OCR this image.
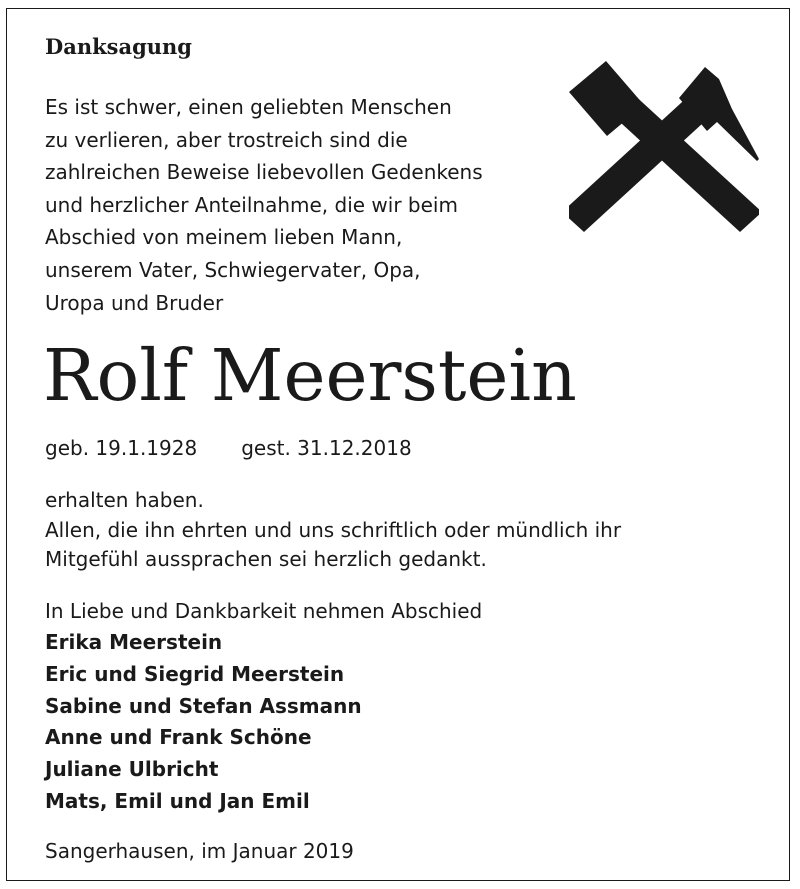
Danksagung
Es ist schwer, einen geliebten Menschen
zu verlieren, aber trostreich sind die
zahlreichen Beweise liebevollen Gedenkens
und herzlicher Anteilnahme, die wir beim
Abschied von meinem lieben Mann,
unserem Vater, Schwiegervater, Opa,
Uropa und Bruder
Rolf Meerstein
geb. 19.1.1928 gest. 31.12.2018
erhalten haben.
Allen, die ihn ehrten und uns schriftlich oder mündlich ihr
Mitgefühl aussprachen sei herzlich gedankt.
In Liebe und Dankbarkeit nehmen Abschied
Erika Meerstein
Eric und Siegrid Meerstein
Sabine und Stefan Assmann
Anne und Frank Schöne
Juliane Ulbricht
Mats, Emil und Jan Emil
Sangerhausen, im Januar 2019
